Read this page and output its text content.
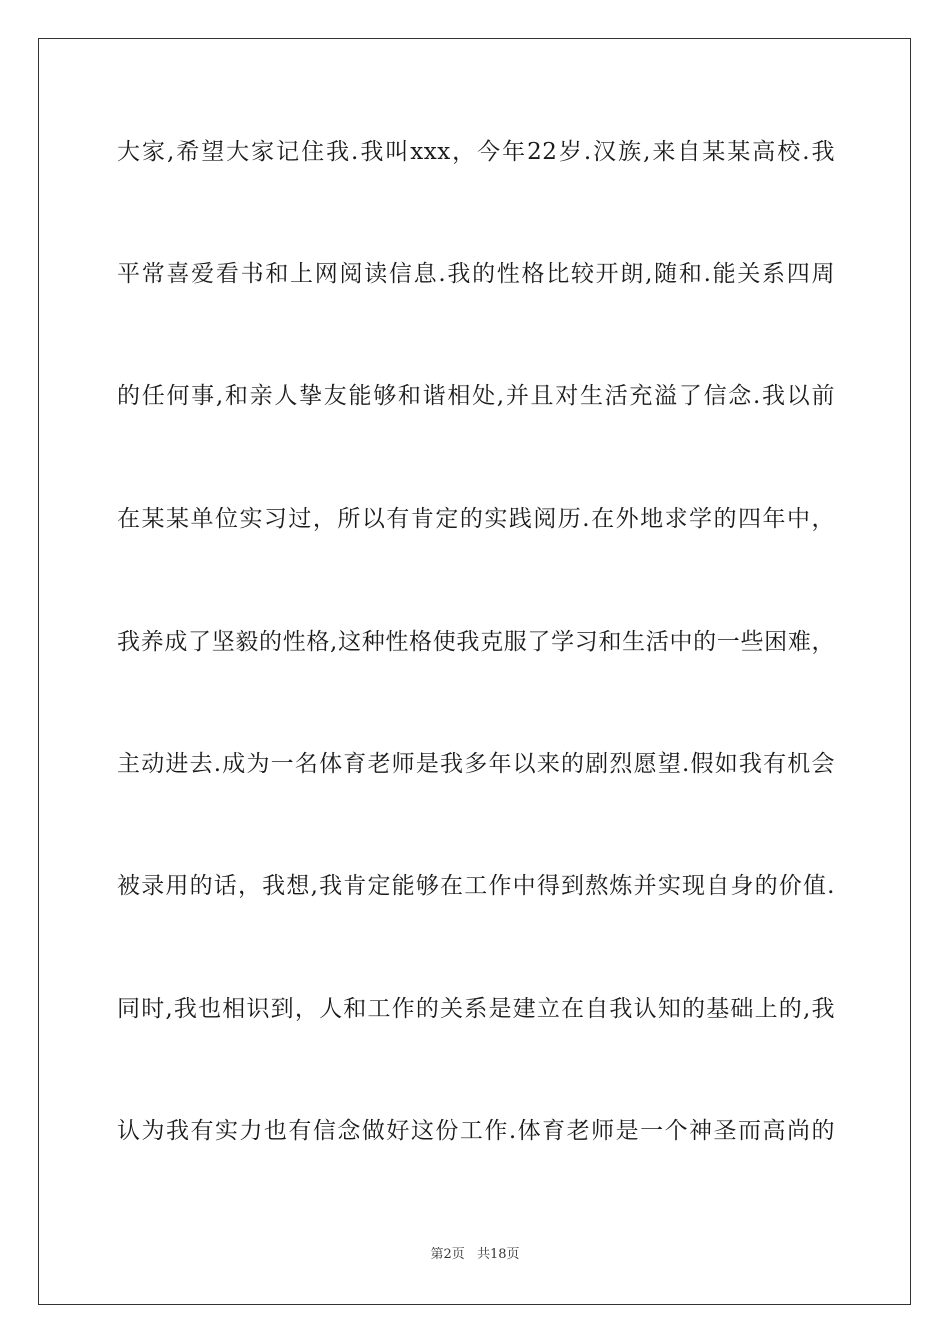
大家,希望大家记住我.我叫xxx，今年22岁.汉族,来自某某高校.我
平常喜爱看书和上网阅读信息.我的性格比较开朗,随和.能关系四周
的任何事,和亲人挚友能够和谐相处,并且对生活充溢了信念.我以前
在某某单位实习过，所以有肯定的实践阅历.在外地求学的四年中，
我养成了坚毅的性格,这种性格使我克服了学习和生活中的一些困难，
主动进去.成为一名体育老师是我多年以来的剧烈愿望.假如我有机会
被录用的话，我想,我肯定能够在工作中得到熬炼并实现自身的价值.
同时,我也相识到，人和工作的关系是建立在自我认知的基础上的,我
认为我有实力也有信念做好这份工作.体育老师是一个神圣而高尚的
第2页 共18页
